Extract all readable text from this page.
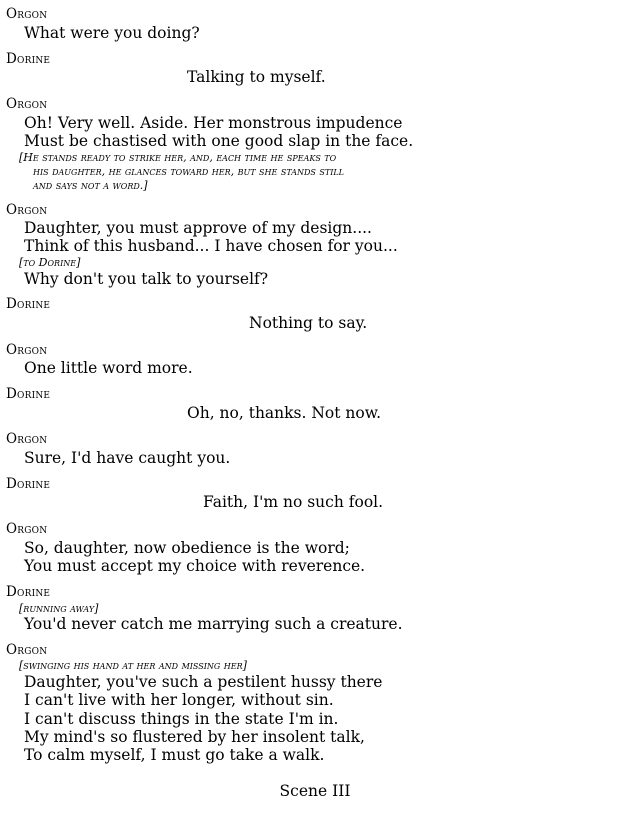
Orgon
What were you doing?
Dorine
Talking to myself.
Orgon
Oh! Very well. Aside. Her monstrous impudence
Must be chastised with one good slap in the face.
[He stands ready to strike her, and, each time he speaks to
his daughter, he glances toward her, but she stands still
and says not a word.]
Orgon
Daughter, you must approve of my design....
Think of this husband... I have chosen for you...
[to Dorine]
Why don't you talk to yourself?
Dorine
Nothing to say.
Orgon
One little word more.
Dorine
Oh, no, thanks. Not now.
Orgon
Sure, I'd have caught you.
Dorine
Faith, I'm no such fool.
Orgon
So, daughter, now obedience is the word;
You must accept my choice with reverence.
Dorine
[running away]
You'd never catch me marrying such a creature.
Orgon
[swinging his hand at her and missing her]
Daughter, you've such a pestilent hussy there
I can't live with her longer, without sin.
I can't discuss things in the state I'm in.
My mind's so flustered by her insolent talk,
To calm myself, I must go take a walk.
Scene III
